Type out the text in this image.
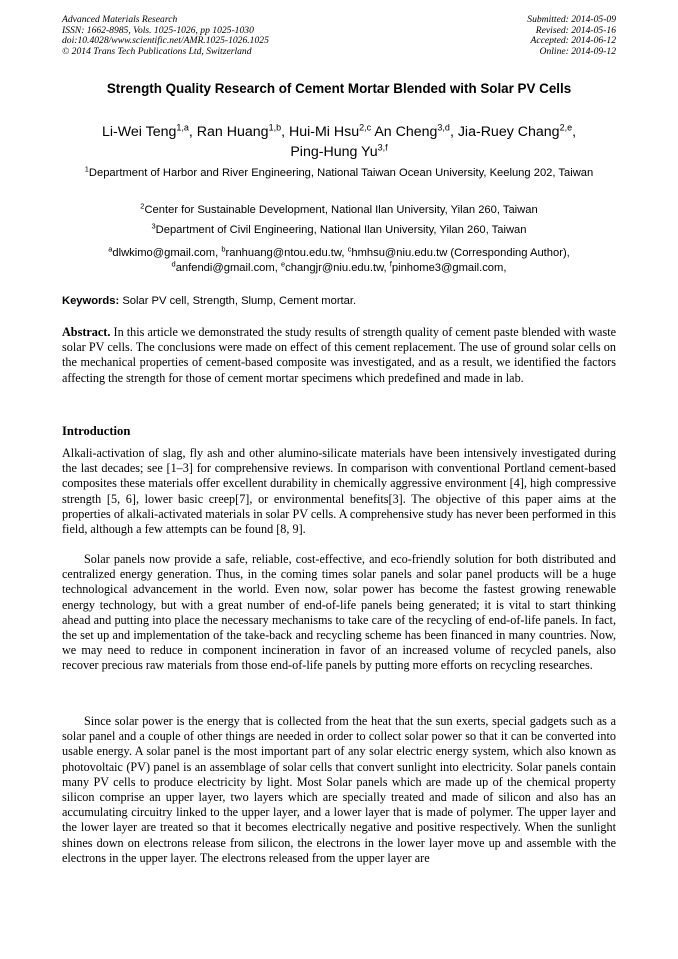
Advanced Materials Research
ISSN: 1662-8985, Vols. 1025-1026, pp 1025-1030
doi:10.4028/www.scientific.net/AMR.1025-1026.1025
© 2014 Trans Tech Publications Ltd, Switzerland
Submitted: 2014-05-09
Revised: 2014-05-16
Accepted: 2014-06-12
Online: 2014-09-12
Strength Quality Research of Cement Mortar Blended with Solar PV Cells
Li-Wei Teng$^{1,a}$, Ran Huang$^{1,b}$, Hui-Mi Hsu$^{2,c}$ An Cheng$^{3,d}$, Jia-Ruey Chang$^{2,e}$,
Ping-Hung Yu$^{3,f}$
$^1$Department of Harbor and River Engineering, National Taiwan Ocean University, Keelung 202, Taiwan
$^2$Center for Sustainable Development, National Ilan University, Yilan 260, Taiwan
$^3$Department of Civil Engineering, National Ilan University, Yilan 260, Taiwan
$^a$dlwkimo@gmail.com, $^b$ranhuang@ntou.edu.tw, $^c$hmhsu@niu.edu.tw (Corresponding Author),
$^d$anfendi@gmail.com, $^e$changjr@niu.edu.tw, $^f$pinhome3@gmail.com,
Keywords: Solar PV cell, Strength, Slump, Cement mortar.
Abstract. In this article we demonstrated the study results of strength quality of cement paste blended with waste solar PV cells. The conclusions were made on effect of this cement replacement. The use of ground solar cells on the mechanical properties of cement-based composite was investigated, and as a result, we identified the factors affecting the strength for those of cement mortar specimens which predefined and made in lab.
Introduction
Alkali-activation of slag, fly ash and other alumino-silicate materials have been intensively investigated during the last decades; see [1–3] for comprehensive reviews. In comparison with conventional Portland cement-based composites these materials offer excellent durability in chemically aggressive environment [4], high compressive strength [5, 6], lower basic creep[7], or environmental benefits[3]. The objective of this paper aims at the properties of alkali-activated materials in solar PV cells. A comprehensive study has never been performed in this field, although a few attempts can be found [8, 9].
Solar panels now provide a safe, reliable, cost-effective, and eco-friendly solution for both distributed and centralized energy generation. Thus, in the coming times solar panels and solar panel products will be a huge technological advancement in the world. Even now, solar power has become the fastest growing renewable energy technology, but with a great number of end-of-life panels being generated; it is vital to start thinking ahead and putting into place the necessary mechanisms to take care of the recycling of end-of-life panels. In fact, the set up and implementation of the take-back and recycling scheme has been financed in many countries. Now, we may need to reduce in component incineration in favor of an increased volume of recycled panels, also recover precious raw materials from those end-of-life panels by putting more efforts on recycling researches.
Since solar power is the energy that is collected from the heat that the sun exerts, special gadgets such as a solar panel and a couple of other things are needed in order to collect solar power so that it can be converted into usable energy. A solar panel is the most important part of any solar electric energy system, which also known as photovoltaic (PV) panel is an assemblage of solar cells that convert sunlight into electricity. Solar panels contain many PV cells to produce electricity by light. Most Solar panels which are made up of the chemical property silicon comprise an upper layer, two layers which are specially treated and made of silicon and also has an accumulating circuitry linked to the upper layer, and a lower layer that is made of polymer. The upper layer and the lower layer are treated so that it becomes electrically negative and positive respectively. When the sunlight shines down on electrons release from silicon, the electrons in the lower layer move up and assemble with the electrons in the upper layer. The electrons released from the upper layer are
